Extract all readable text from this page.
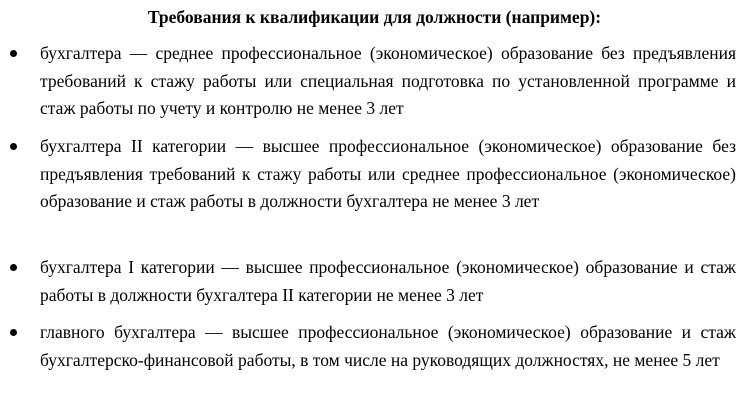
Требования к квалификации для должности (например):

бухгалтера — среднее профессиональное (экономическое) образование без предъявления требований к стажу работы или специальная подготовка по установленной программе и стаж работы по учету и контролю не менее 3 лет

бухгалтера II категории — высшее профессиональное (экономическое) образование без предъявления требований к стажу работы или среднее профессиональное (экономическое) образование и стаж работы в должности бухгалтера не менее 3 лет

бухгалтера I категории — высшее профессиональное (экономическое) образование и стаж работы в должности бухгалтера II категории не менее 3 лет

главного бухгалтера — высшее профессиональное (экономическое) образование и стаж бухгалтерско-финансовой работы, в том числе на руководящих должностях, не менее 5 лет
